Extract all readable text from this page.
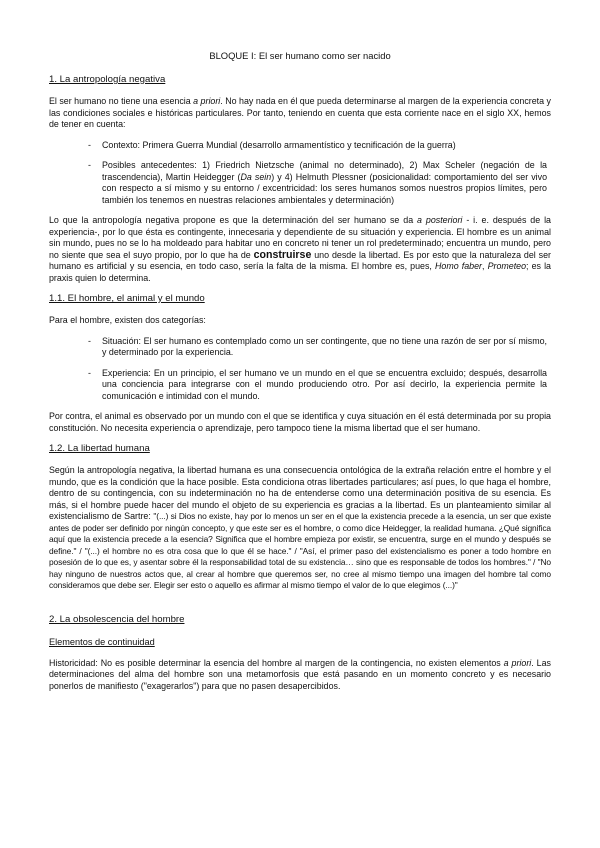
BLOQUE I: El ser humano como ser nacido
1. La antropología negativa

El ser humano no tiene una esencia a priori. No hay nada en él que pueda determinarse al margen de la experiencia concreta y las condiciones sociales e históricas particulares. Por tanto, teniendo en cuenta que esta corriente nace en el siglo XX, hemos de tener en cuenta:

- Contexto: Primera Guerra Mundial (desarrollo armamentístico y tecnificación de la guerra)
- Posibles antecedentes: 1) Friedrich Nietzsche (animal no determinado), 2) Max Scheler (negación de la trascendencia), Martin Heidegger (Da sein) y 4) Helmuth Plessner (posicionalidad: comportamiento del ser vivo con respecto a sí mismo y su entorno / excentricidad: los seres humanos somos nuestros propios límites, pero también los tenemos en nuestras relaciones ambientales y determinación)

Lo que la antropología negativa propone es que la determinación del ser humano se da a posteriori - i. e. después de la experiencia-, por lo que ésta es contingente, innecesaria y dependiente de su situación y experiencia. El hombre es un animal sin mundo, pues no se lo ha moldeado para habitar uno en concreto ni tener un rol predeterminado; encuentra un mundo, pero no siente que sea el suyo propio, por lo que ha de construirse uno desde la libertad. Es por esto que la naturaleza del ser humano es artificial y su esencia, en todo caso, sería la falta de la misma. El hombre es, pues, Homo faber, Prometeo; es la praxis quien lo determina.

1.1. El hombre, el animal y el mundo

Para el hombre, existen dos categorías:

- Situación: El ser humano es contemplado como un ser contingente, que no tiene una razón de ser por sí mismo, y determinado por la experiencia.
- Experiencia: En un principio, el ser humano ve un mundo en el que se encuentra excluido; después, desarrolla una conciencia para integrarse con el mundo produciendo otro. Por así decirlo, la experiencia permite la comunicación e intimidad con el mundo.

Por contra, el animal es observado por un mundo con el que se identifica y cuya situación en él está determinada por su propia constitución. No necesita experiencia o aprendizaje, pero tampoco tiene la misma libertad que el ser humano.

1.2. La libertad humana

Según la antropología negativa, la libertad humana es una consecuencia ontológica de la extraña relación entre el hombre y el mundo, que es la condición que la hace posible. Esta condiciona otras libertades particulares; así pues, lo que haga el hombre, dentro de su contingencia, con su indeterminación no ha de entenderse como una determinación positiva de su esencia. Es más, si el hombre puede hacer del mundo el objeto de su experiencia es gracias a la libertad. Es un planteamiento similar al existencialismo de Sartre: "(...) si Dios no existe, hay por lo menos un ser en el que la existencia precede a la esencia, un ser que existe antes de poder ser definido por ningún concepto, y que este ser es el hombre, o como dice Heidegger, la realidad humana. ¿Qué significa aquí que la existencia precede a la esencia? Significa que el hombre empieza por existir, se encuentra, surge en el mundo y después se define." / "(...) el hombre no es otra cosa que lo que él se hace." / "Así, el primer paso del existencialismo es poner a todo hombre en posesión de lo que es, y asentar sobre él la responsabilidad total de su existencia… sino que es responsable de todos los hombres." / "No hay ninguno de nuestros actos que, al crear al hombre que queremos ser, no cree al mismo tiempo una imagen del hombre tal como consideramos que debe ser. Elegir ser esto o aquello es afirmar al mismo tiempo el valor de lo que elegimos (...)"

2. La obsolescencia del hombre
Elementos de continuidad

Historicidad: No es posible determinar la esencia del hombre al margen de la contingencia, no existen elementos a priori. Las determinaciones del alma del hombre son una metamorfosis que está pasando en un momento concreto y es necesario ponerlos de manifiesto ("exagerarlos") para que no pasen desapercibidos.
